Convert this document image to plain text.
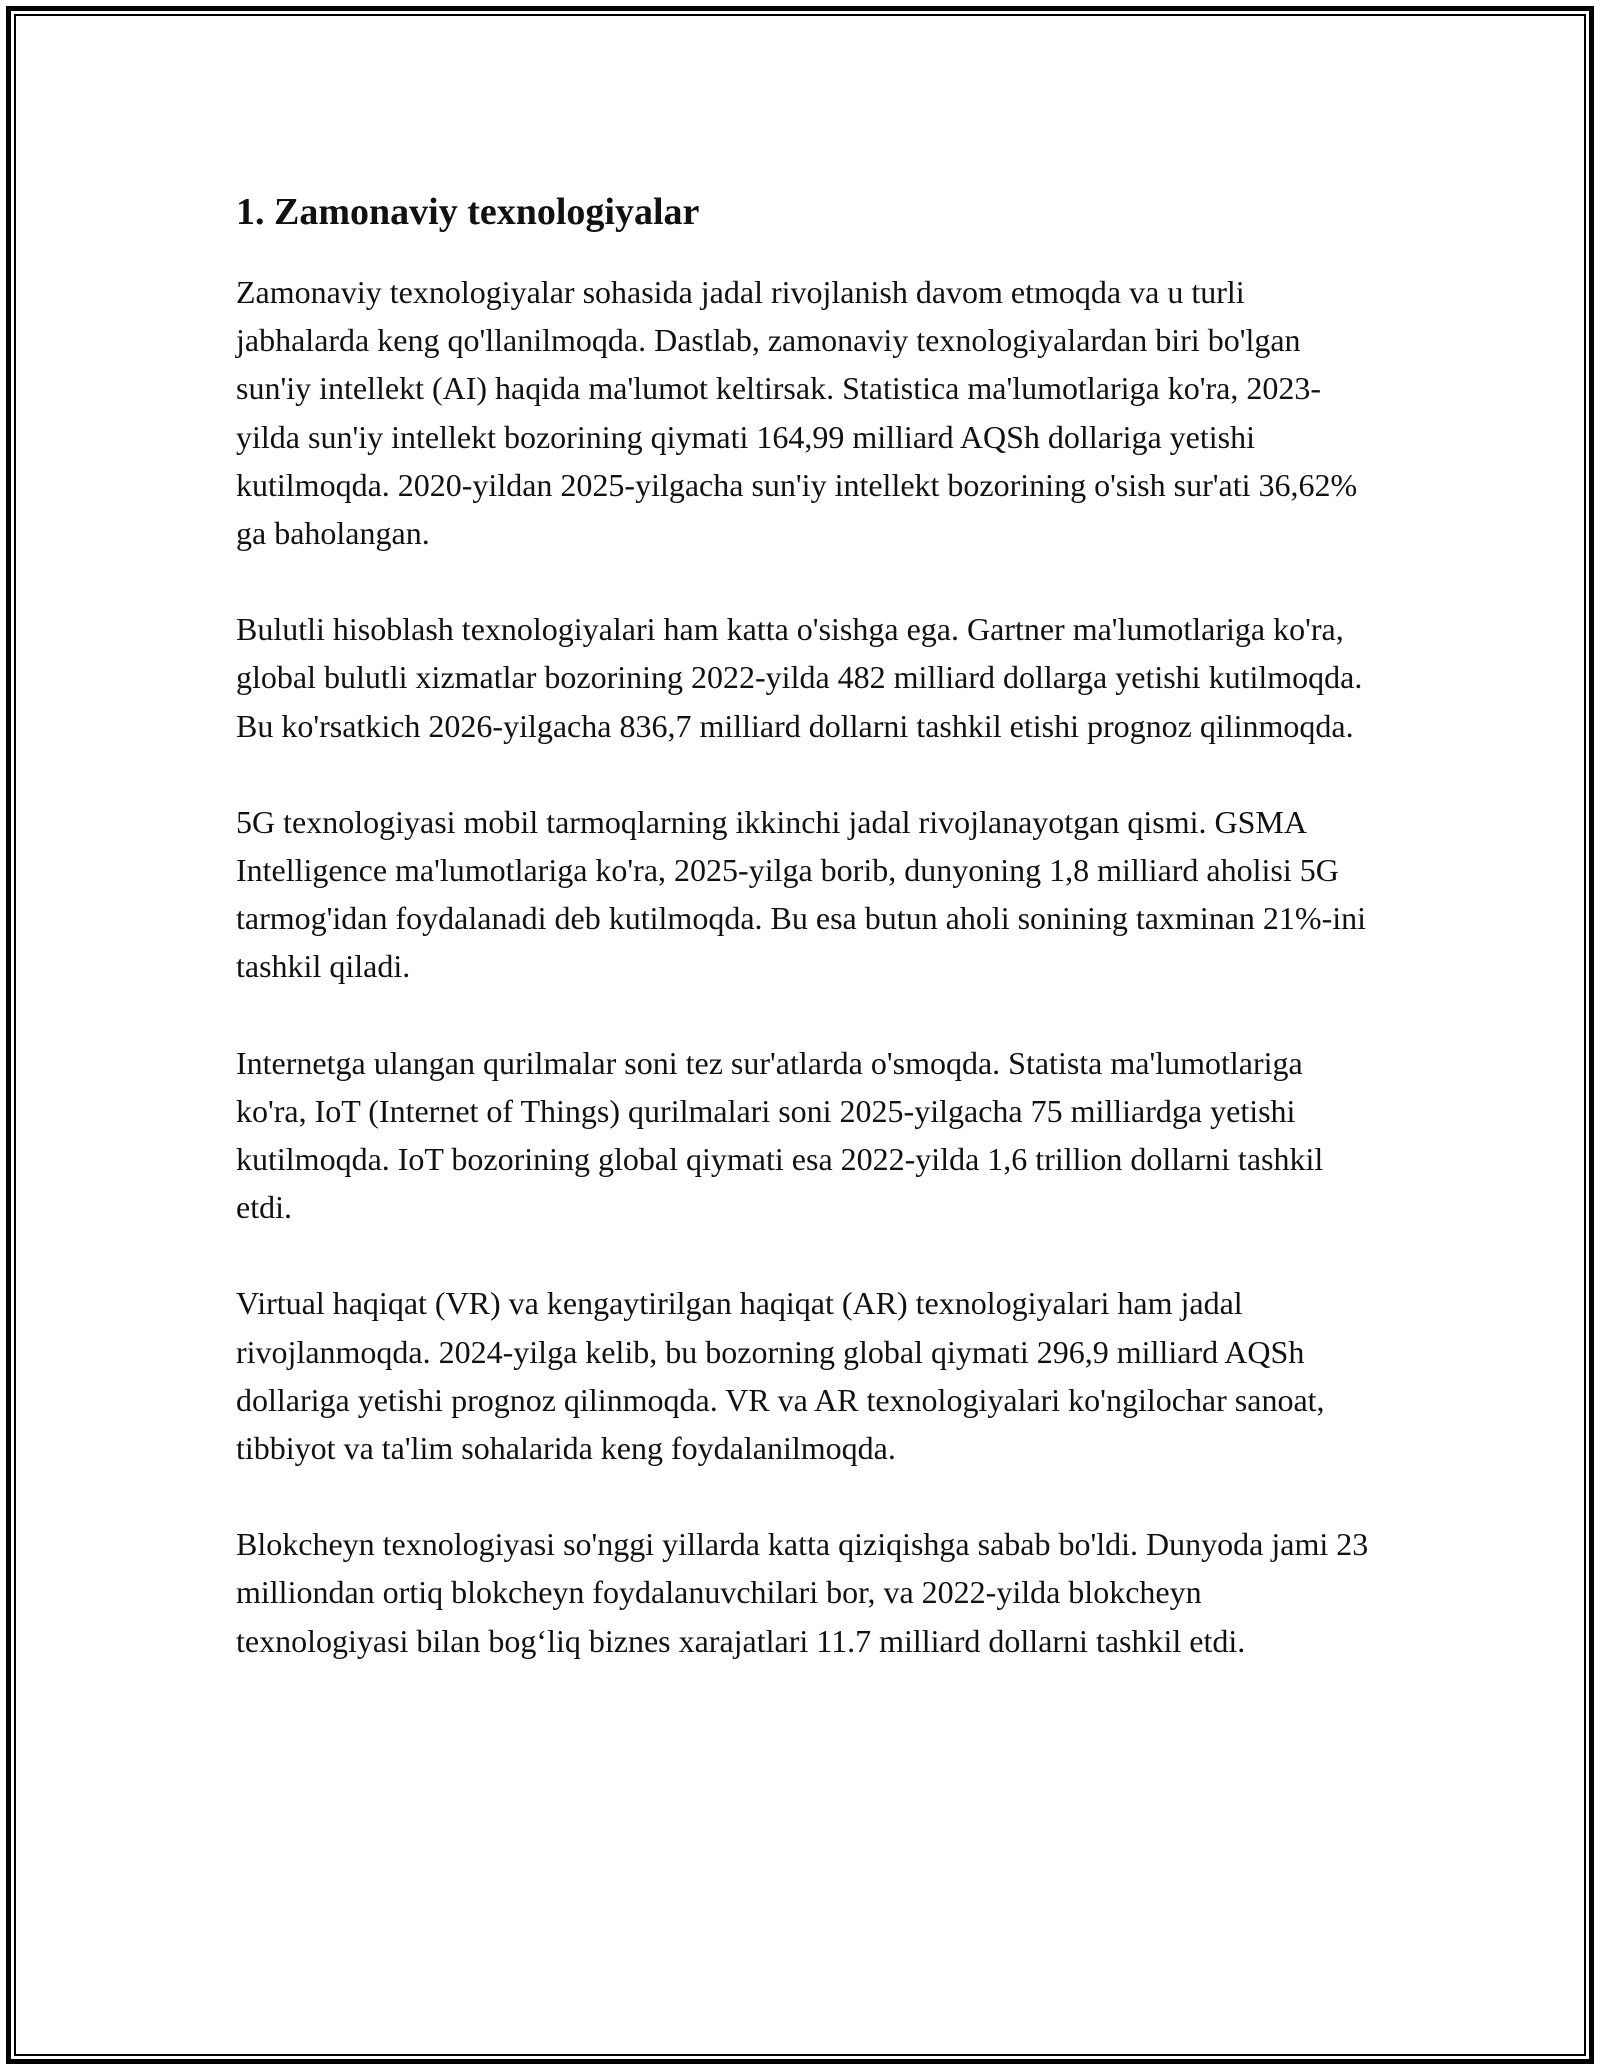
1. Zamonaviy texnologiyalar

Zamonaviy texnologiyalar sohasida jadal rivojlanish davom etmoqda va u turli jabhalarda keng qo'llanilmoqda. Dastlab, zamonaviy texnologiyalardan biri bo'lgan sun'iy intellekt (AI) haqida ma'lumot keltirsak. Statistica ma'lumotlariga ko'ra, 2023-yilda sun'iy intellekt bozorining qiymati 164,99 milliard AQSh dollariga yetishi kutilmoqda. 2020-yildan 2025-yilgacha sun'iy intellekt bozorining o'sish sur'ati 36,62% ga baholangan.

Bulutli hisoblash texnologiyalari ham katta o'sishga ega. Gartner ma'lumotlariga ko'ra, global bulutli xizmatlar bozorining 2022-yilda 482 milliard dollarga yetishi kutilmoqda. Bu ko'rsatkich 2026-yilgacha 836,7 milliard dollarni tashkil etishi prognoz qilinmoqda.

5G texnologiyasi mobil tarmoqlarning ikkinchi jadal rivojlanayotgan qismi. GSMA Intelligence ma'lumotlariga ko'ra, 2025-yilga borib, dunyoning 1,8 milliard aholisi 5G tarmog'idan foydalanadi deb kutilmoqda. Bu esa butun aholi sonining taxminan 21%-ini tashkil qiladi.

Internetga ulangan qurilmalar soni tez sur'atlarda o'smoqda. Statista ma'lumotlariga ko'ra, IoT (Internet of Things) qurilmalari soni 2025-yilgacha 75 milliardga yetishi kutilmoqda. IoT bozorining global qiymati esa 2022-yilda 1,6 trillion dollarni tashkil etdi.

Virtual haqiqat (VR) va kengaytirilgan haqiqat (AR) texnologiyalari ham jadal rivojlanmoqda. 2024-yilga kelib, bu bozorning global qiymati 296,9 milliard AQSh dollariga yetishi prognoz qilinmoqda. VR va AR texnologiyalari ko'ngilochar sanoat, tibbiyot va ta'lim sohalarida keng foydalanilmoqda.

Blokcheyn texnologiyasi so'nggi yillarda katta qiziqishga sabab bo'ldi. Dunyoda jami 23 milliondan ortiq blokcheyn foydalanuvchilari bor, va 2022-yilda blokcheyn texnologiyasi bilan bog‘liq biznes xarajatlari 11.7 milliard dollarni tashkil etdi.
